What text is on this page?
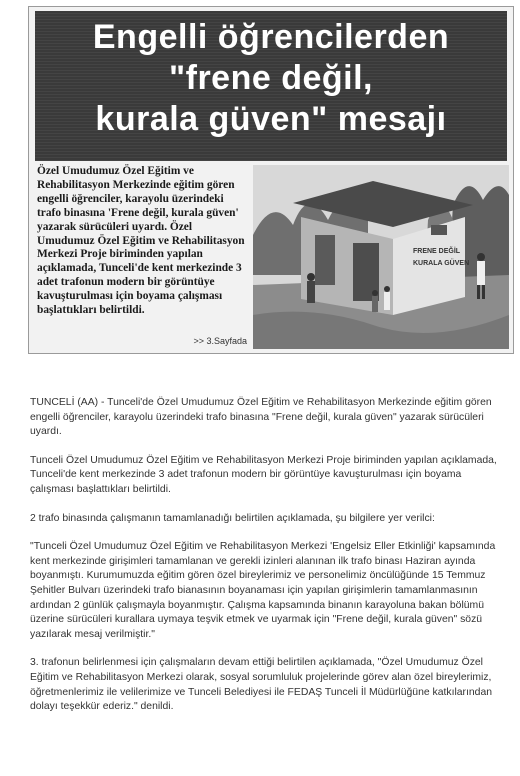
Engelli öğrencilerden
"frene değil,
kurala güven" mesajı
Özel Umudumuz Özel Eğitim ve Rehabilitasyon Merkezinde eğitim gören engelli öğrenciler, karayolu üzerindeki trafo binasına 'Frene değil, kurala güven' yazarak sürücüleri uyardı. Özel Umudumuz Özel Eğitim ve Rehabilitasyon Merkezi Proje biriminden yapılan açıklamada, Tunceli'de kent merkezinde 3 adet trafonun modern bir görüntüye kavuşturulması için boyama çalışması başlattıkları belirtildi.
>> 3.Sayfada
FRENE DEĞİL
KURALA GÜVEN

TUNCELİ (AA) - Tunceli'de Özel Umudumuz Özel Eğitim ve Rehabilitasyon Merkezinde eğitim gören engelli öğrenciler, karayolu üzerindeki trafo binasına "Frene değil, kurala güven" yazarak sürücüleri uyardı.

Tunceli Özel Umudumuz Özel Eğitim ve Rehabilitasyon Merkezi Proje biriminden yapılan açıklamada, Tunceli'de kent merkezinde 3 adet trafonun modern bir görüntüye kavuşturulması için boyama çalışması başlattıkları belirtildi.

2 trafo binasında çalışmanın tamamlanadığı belirtilen açıklamada, şu bilgilere yer verilci:

"Tunceli Özel Umudumuz Özel Eğitim ve Rehabilitasyon Merkezi 'Engelsiz Eller Etkinliği' kapsamında kent merkezinde girişimleri tamamlanan ve gerekli izinleri alanınan ilk trafo binası Haziran ayında boyanmıştı. Kurumumuzda eğitim gören özel bireylerimiz ve personelimiz öncülüğünde 15 Temmuz Şehitler Bulvarı üzerindeki trafo bianasının boyanaması için yapılan girişimlerin tamamlanmasının ardından 2 günlük çalışmayla boyanmıştır. Çalışma kapsamında binanın karayoluna bakan bölümü üzerine sürücüleri kurallara uymaya teşvik etmek ve uyarmak için "Frene değil, kurala güven" sözü yazılarak mesaj verilmiştir."

3. trafonun belirlenmesi için çalışmaların devam ettiği belirtilen açıklamada, "Özel Umudumuz Özel Eğitim ve Rehabilitasyon Merkezi olarak, sosyal sorumluluk projelerinde görev alan özel bireylerimiz, öğretmenlerimiz ile velilerimize ve Tunceli Belediyesi ile FEDAŞ Tunceli İl Müdürlüğüne katkılarından dolayı teşekkür ederiz." denildi.
